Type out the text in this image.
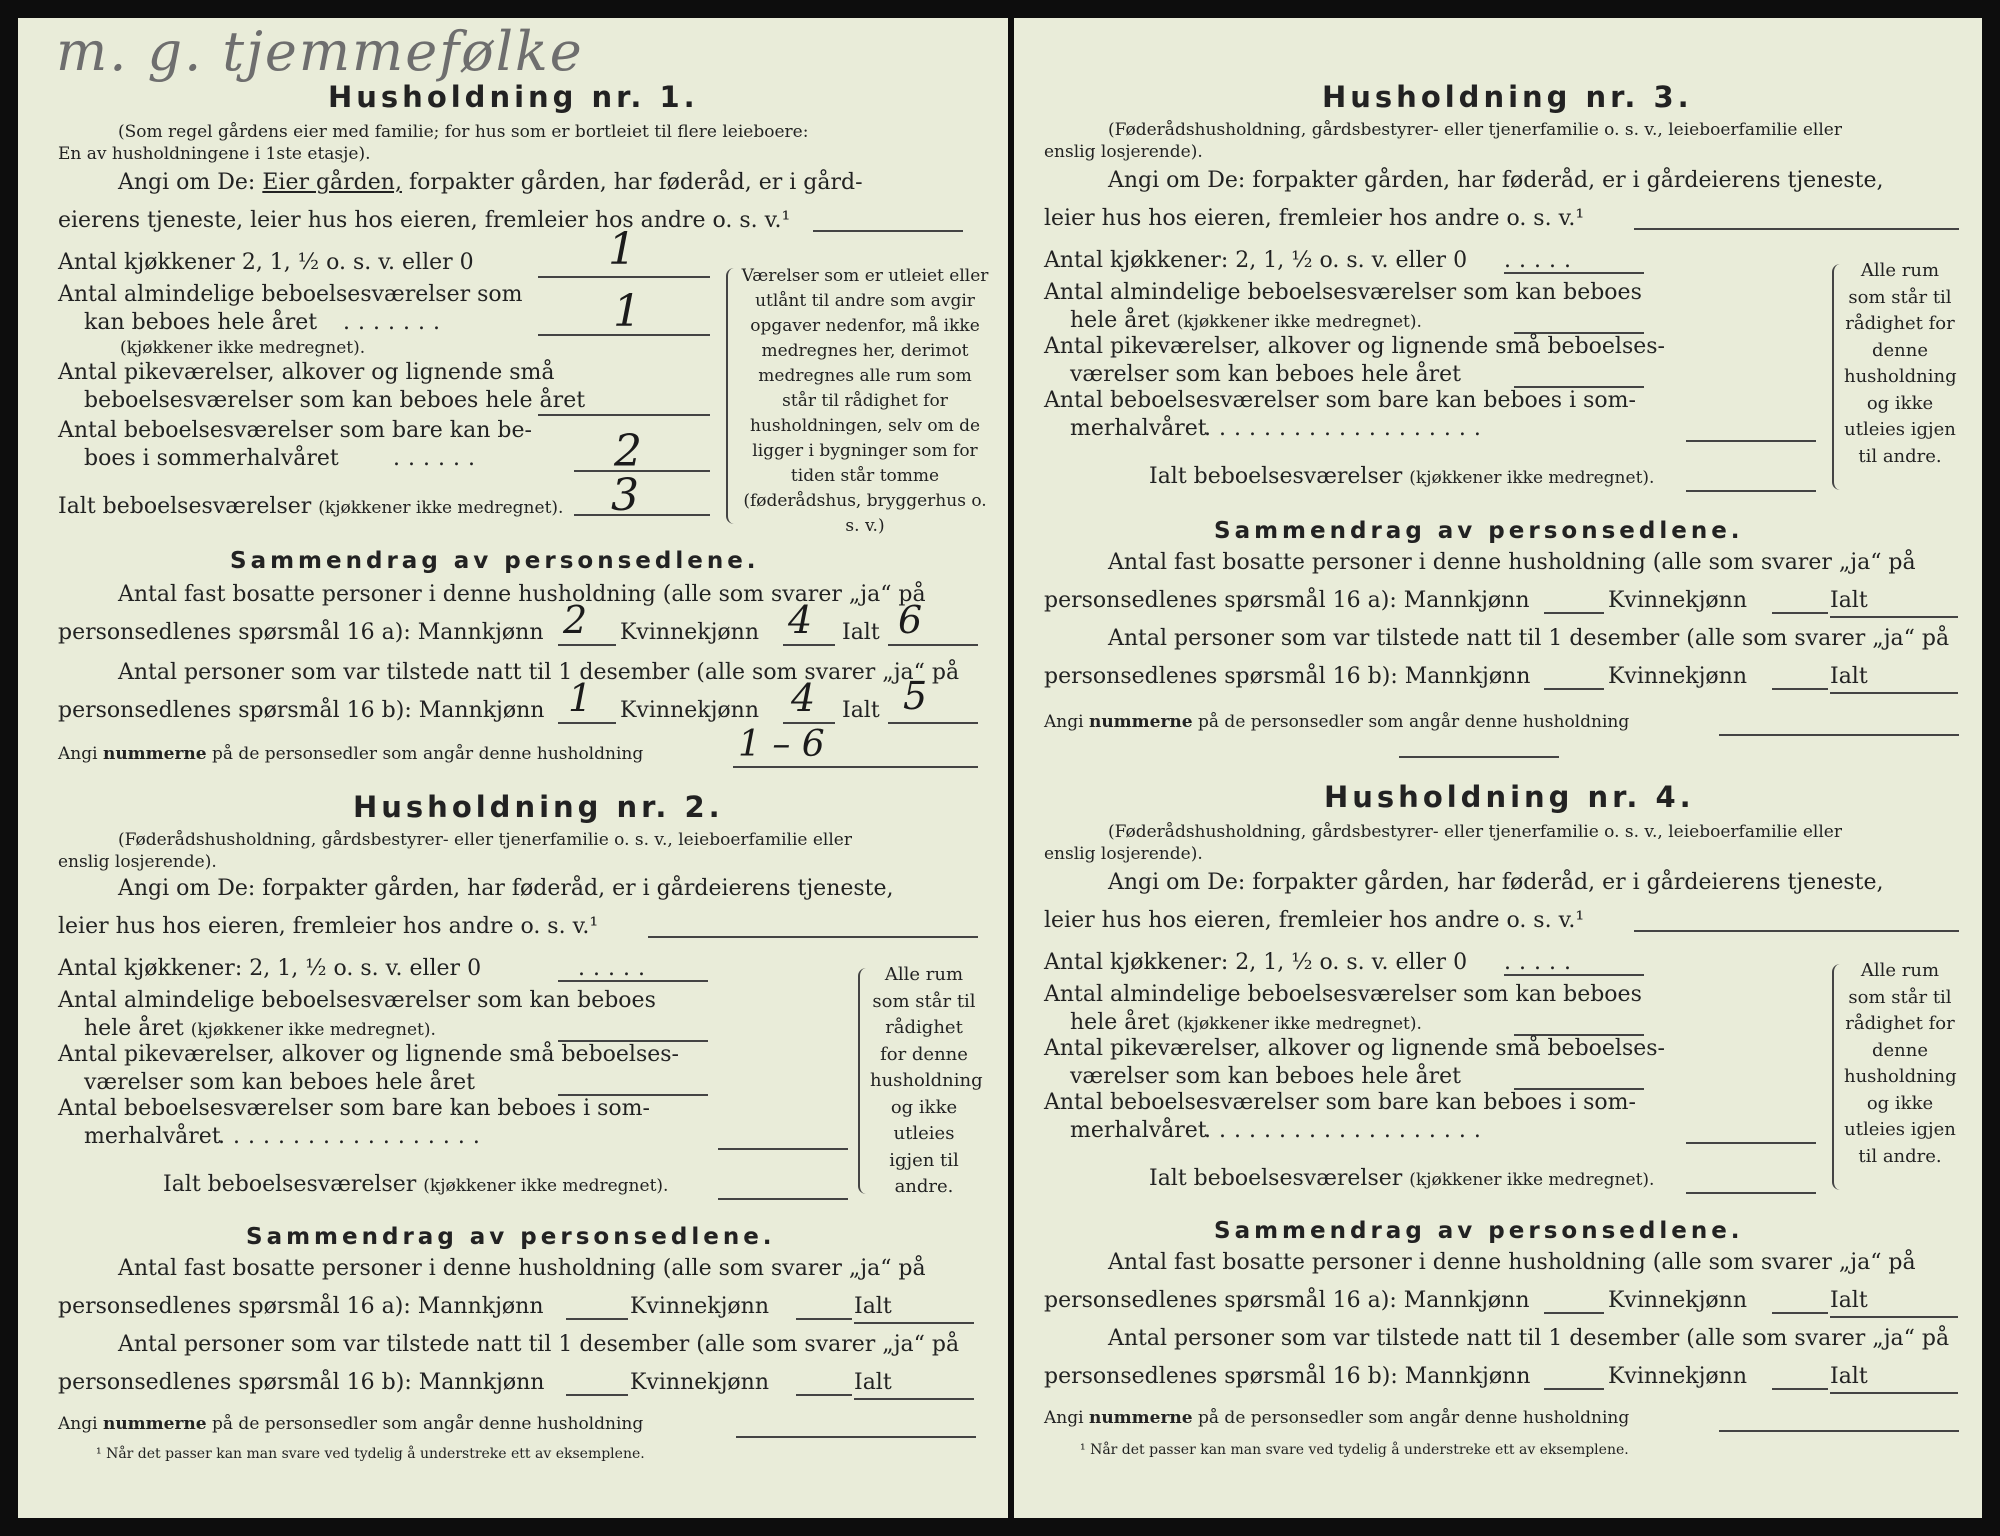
m. g. tjemmefølke
Husholdning nr. 1.
(Som regel gårdens eier med familie; for hus som er bortleiet til flere leieboere:
En av husholdningene i 1ste etasje).
Angi om De: Eier gården, forpakter gården, har føderåd, er i gård-
eierens tjeneste, leier hus hos eieren, fremleier hos andre o. s. v.¹
Antal kjøkkener 2, 1, ½ o. s. v. eller 0	1
Antal almindelige beboelsesværelser som
kan beboes hele året .......	1
(kjøkkener ikke medregnet).
Antal pikeværelser, alkover og lignende små
beboelsesværelser som kan beboes hele året
Antal beboelsesværelser som bare kan be-
boes i sommerhalvåret ......	2
Ialt beboelsesværelser (kjøkkener ikke medregnet). 3
Værelser som er utleiet eller utlånt til andre som avgir opgaver nedenfor, må ikke medregnes her, derimot medregnes alle rum som står til rådighet for husholdningen, selv om de ligger i bygninger som for tiden står tomme (føderådshus, bryggerhus o. s. v.)
Sammendrag av personsedlene.
Antal fast bosatte personer i denne husholdning (alle som svarer „ja“ på
personsedlenes spørsmål 16 a): Mannkjønn 2 Kvinnekjønn 4 Ialt 6
Antal personer som var tilstede natt til 1 desember (alle som svarer „ja“ på
personsedlenes spørsmål 16 b): Mannkjønn 1 Kvinnekjønn 4 Ialt 5
Angi nummerne på de personsedler som angår denne husholdning	1 – 6
Husholdning nr. 2.
(Føderådshusholdning, gårdsbestyrer- eller tjenerfamilie o. s. v., leieboerfamilie eller
enslig losjerende).
Angi om De: forpakter gården, har føderåd, er i gårdeierens tjeneste,
leier hus hos eieren, fremleier hos andre o. s. v.¹
Antal kjøkkener: 2, 1, ½ o. s. v. eller 0	.....
Antal almindelige beboelsesværelser som kan beboes
hele året (kjøkkener ikke medregnet).
Antal pikeværelser, alkover og lignende små beboelses-
værelser som kan beboes hele året
Antal beboelsesværelser som bare kan beboes i som-
merhalvåret
..................
Ialt beboelsesværelser (kjøkkener ikke medregnet).
Alle rum som står til rådighet for denne husholdning og ikke utleies igjen til andre.
Sammendrag av personsedlene.
Antal fast bosatte personer i denne husholdning (alle som svarer „ja“ på
personsedlenes spørsmål 16 a): Mannkjønn	Kvinnekjønn	Ialt
Antal personer som var tilstede natt til 1 desember (alle som svarer „ja“ på
personsedlenes spørsmål 16 b): Mannkjønn	Kvinnekjønn	Ialt
Angi nummerne på de personsedler som angår denne husholdning
¹ Når det passer kan man svare ved tydelig å understreke ett av eksemplene.
Husholdning nr. 3.
(Føderådshusholdning, gårdsbestyrer- eller tjenerfamilie o. s. v., leieboerfamilie eller
enslig losjerende).
Angi om De: forpakter gården, har føderåd, er i gårdeierens tjeneste,
leier hus hos eieren, fremleier hos andre o. s. v.¹
Antal kjøkkener: 2, 1, ½ o. s. v. eller 0 .....
Antal almindelige beboelsesværelser som kan beboes
hele året (kjøkkener ikke medregnet).
Antal pikeværelser, alkover og lignende små beboelses-
værelser som kan beboes hele året
Antal beboelsesværelser som bare kan beboes i som-
merhalvåret
...................
Ialt beboelsesværelser (kjøkkener ikke medregnet).
Alle rum som står til rådighet for denne husholdning og ikke utleies igjen til andre.
Sammendrag av personsedlene.
Antal fast bosatte personer i denne husholdning (alle som svarer „ja“ på
personsedlenes spørsmål 16 a): Mannkjønn	Kvinnekjønn	Ialt
Antal personer som var tilstede natt til 1 desember (alle som svarer „ja“ på
personsedlenes spørsmål 16 b): Mannkjønn	Kvinnekjønn	Ialt
Angi nummerne på de personsedler som angår denne husholdning
Husholdning nr. 4.
(Føderådshusholdning, gårdsbestyrer- eller tjenerfamilie o. s. v., leieboerfamilie eller
enslig losjerende).
Angi om De: forpakter gården, har føderåd, er i gårdeierens tjeneste,
leier hus hos eieren, fremleier hos andre o. s. v.¹
Antal kjøkkener: 2, 1, ½ o. s. v. eller 0 .....
Antal almindelige beboelsesværelser som kan beboes
hele året (kjøkkener ikke medregnet).
Antal pikeværelser, alkover og lignende små beboelses-
værelser som kan beboes hele året
Antal beboelsesværelser som bare kan beboes i som-
merhalvåret
...................
Ialt beboelsesværelser (kjøkkener ikke medregnet).
Alle rum som står til rådighet for denne husholdning og ikke utleies igjen til andre.
Sammendrag av personsedlene.
Antal fast bosatte personer i denne husholdning (alle som svarer „ja“ på
personsedlenes spørsmål 16 a): Mannkjønn	Kvinnekjønn	Ialt
Antal personer som var tilstede natt til 1 desember (alle som svarer „ja“ på
personsedlenes spørsmål 16 b): Mannkjønn	Kvinnekjønn	Ialt
Angi nummerne på de personsedler som angår denne husholdning
¹ Når det passer kan man svare ved tydelig å understreke ett av eksemplene.
